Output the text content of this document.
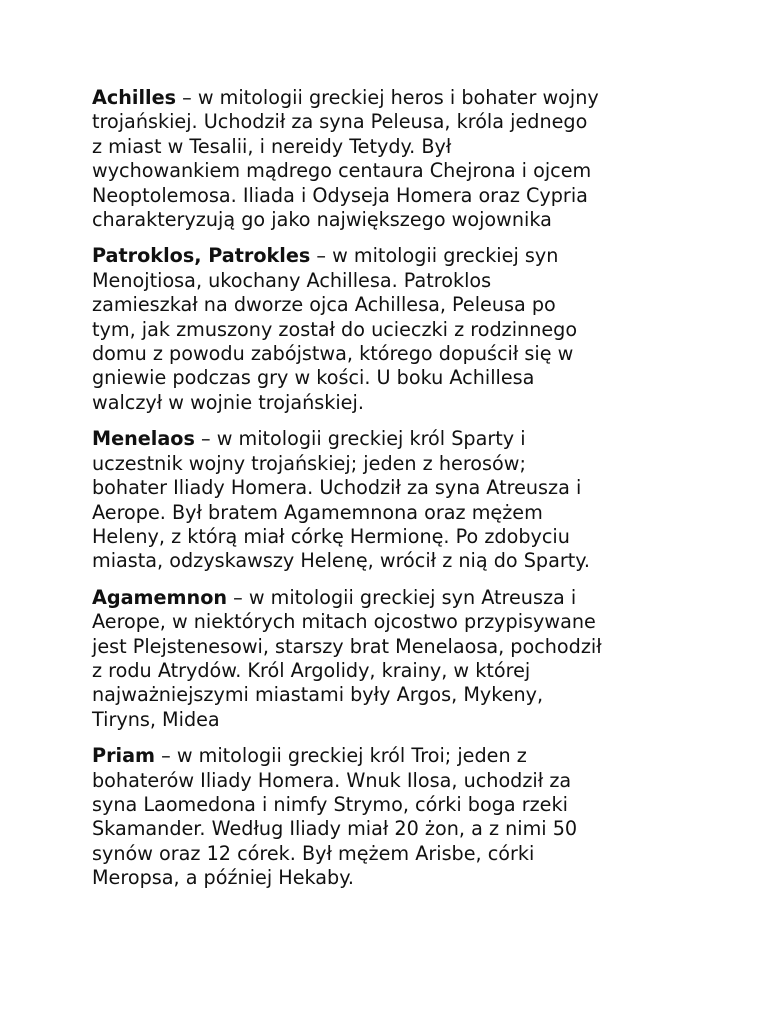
Achilles – w mitologii greckiej heros i bohater wojny
trojańskiej. Uchodził za syna Peleusa, króla jednego
z miast w Tesalii, i nereidy Tetydy. Był
wychowankiem mądrego centaura Chejrona i ojcem
Neoptolemosa. Iliada i Odyseja Homera oraz Cypria
charakteryzują go jako największego wojownika

Patroklos, Patrokles – w mitologii greckiej syn
Menojtiosa, ukochany Achillesa. Patroklos
zamieszkał na dworze ojca Achillesa, Peleusa po
tym, jak zmuszony został do ucieczki z rodzinnego
domu z powodu zabójstwa, którego dopuścił się w
gniewie podczas gry w kości. U boku Achillesa
walczył w wojnie trojańskiej.

Menelaos – w mitologii greckiej król Sparty i
uczestnik wojny trojańskiej; jeden z herosów;
bohater Iliady Homera. Uchodził za syna Atreusza i
Aerope. Był bratem Agamemnona oraz mężem
Heleny, z którą miał córkę Hermionę. Po zdobyciu
miasta, odzyskawszy Helenę, wrócił z nią do Sparty.

Agamemnon – w mitologii greckiej syn Atreusza i
Aerope, w niektórych mitach ojcostwo przypisywane
jest Plejstenesowi, starszy brat Menelaosa, pochodził
z rodu Atrydów. Król Argolidy, krainy, w której
najważniejszymi miastami były Argos, Mykeny,
Tiryns, Midea

Priam – w mitologii greckiej król Troi; jeden z
bohaterów Iliady Homera. Wnuk Ilosa, uchodził za
syna Laomedona i nimfy Strymo, córki boga rzeki
Skamander. Według Iliady miał 20 żon, a z nimi 50
synów oraz 12 córek. Był mężem Arisbe, córki
Meropsa, a później Hekaby.
